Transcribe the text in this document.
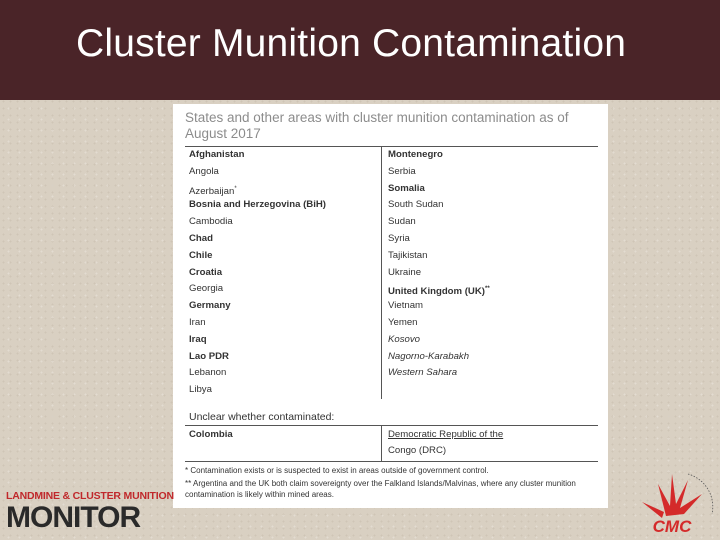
Cluster Munition Contamination

States and other areas with cluster munition contamination as of August 2017

Afghanistan
Angola
Azerbaijan*
Bosnia and Herzegovina (BiH)
Cambodia
Chad
Chile
Croatia
Georgia
Germany
Iran
Iraq
Lao PDR
Lebanon
Libya
Montenegro
Serbia
Somalia
South Sudan
Sudan
Syria
Tajikistan
Ukraine
United Kingdom (UK)**
Vietnam
Yemen
Kosovo
Nagorno-Karabakh
Western Sahara
Unclear whether contaminated:
Colombia	Democratic Republic of the
Congo (DRC)

* Contamination exists or is suspected to exist in areas outside of government control.

** Argentina and the UK both claim sovereignty over the Falkland Islands/Malvinas, where any cluster munition contamination is likely within mined areas.

LANDMINE & CLUSTER MUNITION
MONITOR	CMC
